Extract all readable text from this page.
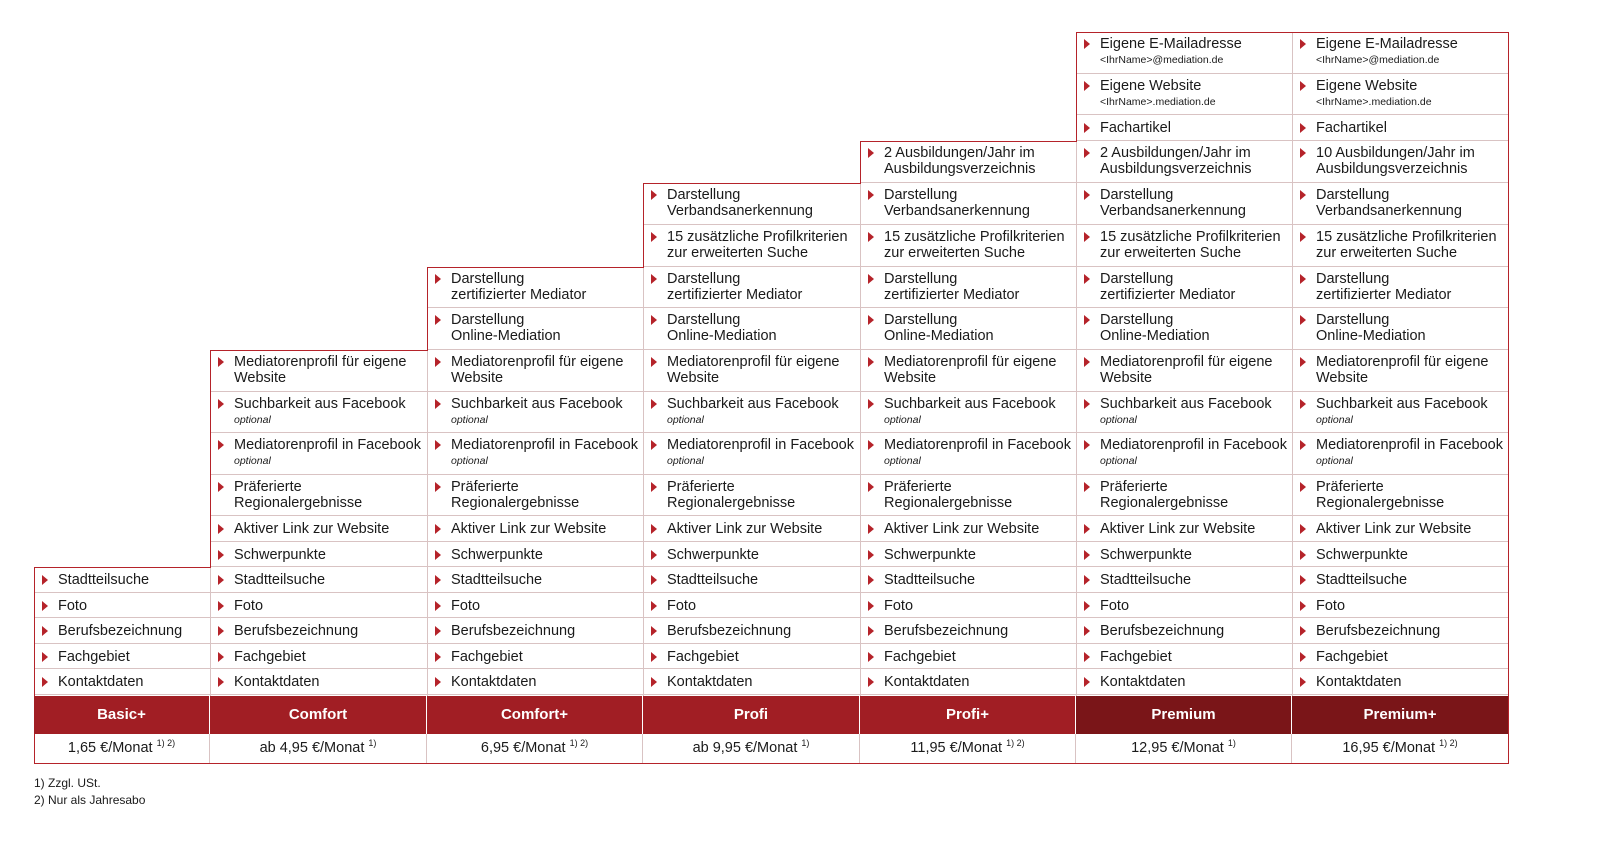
Stadtteilsuche
Foto
Berufsbezeichnung
Fachgebiet
Kontaktdaten
Mediatorenprofil für eigene
Website
Suchbarkeit aus Facebook
optional
Mediatorenprofil in Facebook
optional
Präferierte
Regionalergebnisse
Aktiver Link zur Website
Schwerpunkte
Stadtteilsuche
Foto
Berufsbezeichnung
Fachgebiet
Kontaktdaten
Darstellung
zertifizierter Mediator
Darstellung
Online-Mediation
Mediatorenprofil für eigene
Website
Suchbarkeit aus Facebook
optional
Mediatorenprofil in Facebook
optional
Präferierte
Regionalergebnisse
Aktiver Link zur Website
Schwerpunkte
Stadtteilsuche
Foto
Berufsbezeichnung
Fachgebiet
Kontaktdaten
Darstellung
Verbandsanerkennung
15 zusätzliche Profilkriterien
zur erweiterten Suche
Darstellung
zertifizierter Mediator
Darstellung
Online-Mediation
Mediatorenprofil für eigene
Website
Suchbarkeit aus Facebook
optional
Mediatorenprofil in Facebook
optional
Präferierte
Regionalergebnisse
Aktiver Link zur Website
Schwerpunkte
Stadtteilsuche
Foto
Berufsbezeichnung
Fachgebiet
Kontaktdaten
2 Ausbildungen/Jahr im
Ausbildungsverzeichnis
Darstellung
Verbandsanerkennung
15 zusätzliche Profilkriterien
zur erweiterten Suche
Darstellung
zertifizierter Mediator
Darstellung
Online-Mediation
Mediatorenprofil für eigene
Website
Suchbarkeit aus Facebook
optional
Mediatorenprofil in Facebook
optional
Präferierte
Regionalergebnisse
Aktiver Link zur Website
Schwerpunkte
Stadtteilsuche
Foto
Berufsbezeichnung
Fachgebiet
Kontaktdaten
Eigene E-Mailadresse
<IhrName>@mediation.de
Eigene Website
<IhrName>.mediation.de
Fachartikel
2 Ausbildungen/Jahr im
Ausbildungsverzeichnis
Darstellung
Verbandsanerkennung
15 zusätzliche Profilkriterien
zur erweiterten Suche
Darstellung
zertifizierter Mediator
Darstellung
Online-Mediation
Mediatorenprofil für eigene
Website
Suchbarkeit aus Facebook
optional
Mediatorenprofil in Facebook
optional
Präferierte
Regionalergebnisse
Aktiver Link zur Website
Schwerpunkte
Stadtteilsuche
Foto
Berufsbezeichnung
Fachgebiet
Kontaktdaten
Eigene E-Mailadresse
<IhrName>@mediation.de
Eigene Website
<IhrName>.mediation.de
Fachartikel
10 Ausbildungen/Jahr im
Ausbildungsverzeichnis
Darstellung
Verbandsanerkennung
15 zusätzliche Profilkriterien
zur erweiterten Suche
Darstellung
zertifizierter Mediator
Darstellung
Online-Mediation
Mediatorenprofil für eigene
Website
Suchbarkeit aus Facebook
optional
Mediatorenprofil in Facebook
optional
Präferierte
Regionalergebnisse
Aktiver Link zur Website
Schwerpunkte
Stadtteilsuche
Foto
Berufsbezeichnung
Fachgebiet
Kontaktdaten
Basic+
1,65 €/Monat $^{1) 2)}$
Comfort
ab 4,95 €/Monat $^{1)}$
Comfort+
6,95 €/Monat $^{1) 2)}$
Profi
ab 9,95 €/Monat $^{1)}$
Profi+
11,95 €/Monat $^{1) 2)}$
Premium
12,95 €/Monat $^{1)}$
Premium+
16,95 €/Monat $^{1) 2)}$
1) Zzgl. USt.
2) Nur als Jahresabo
